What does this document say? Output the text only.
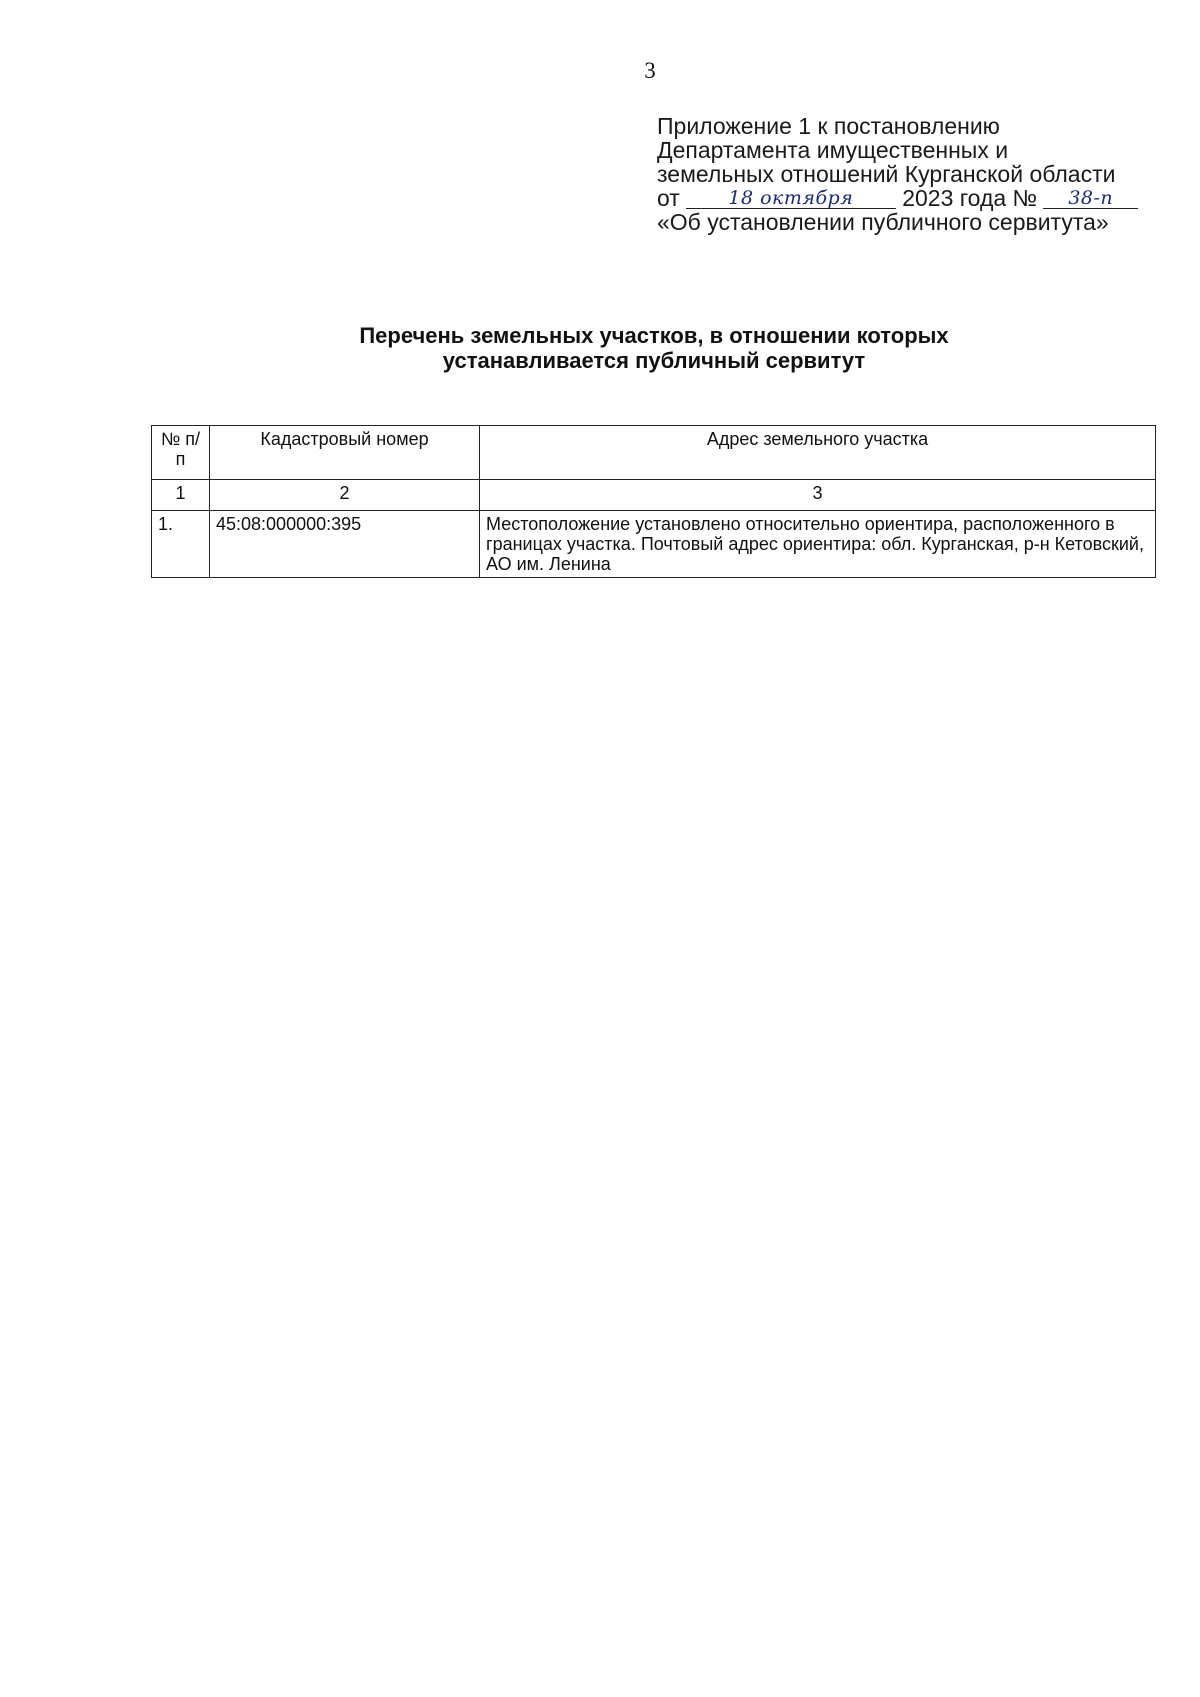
3
Приложение 1 к постановлению
Департамента имущественных и
земельных отношений Курганской области
от	18 октября 2023 года № 38-п
«Об установлении публичного сервитута»
Перечень земельных участков, в отношении которых
устанавливается публичный сервитут
№ п/п	Кадастровый номер	Адрес земельного участка
1	2	3
1.	45:08:000000:395	Местоположение установлено относительно ориентира, расположенного в границах участка. Почтовый адрес ориентира: обл. Курганская, р-н Кетовский, АО им. Ленина
